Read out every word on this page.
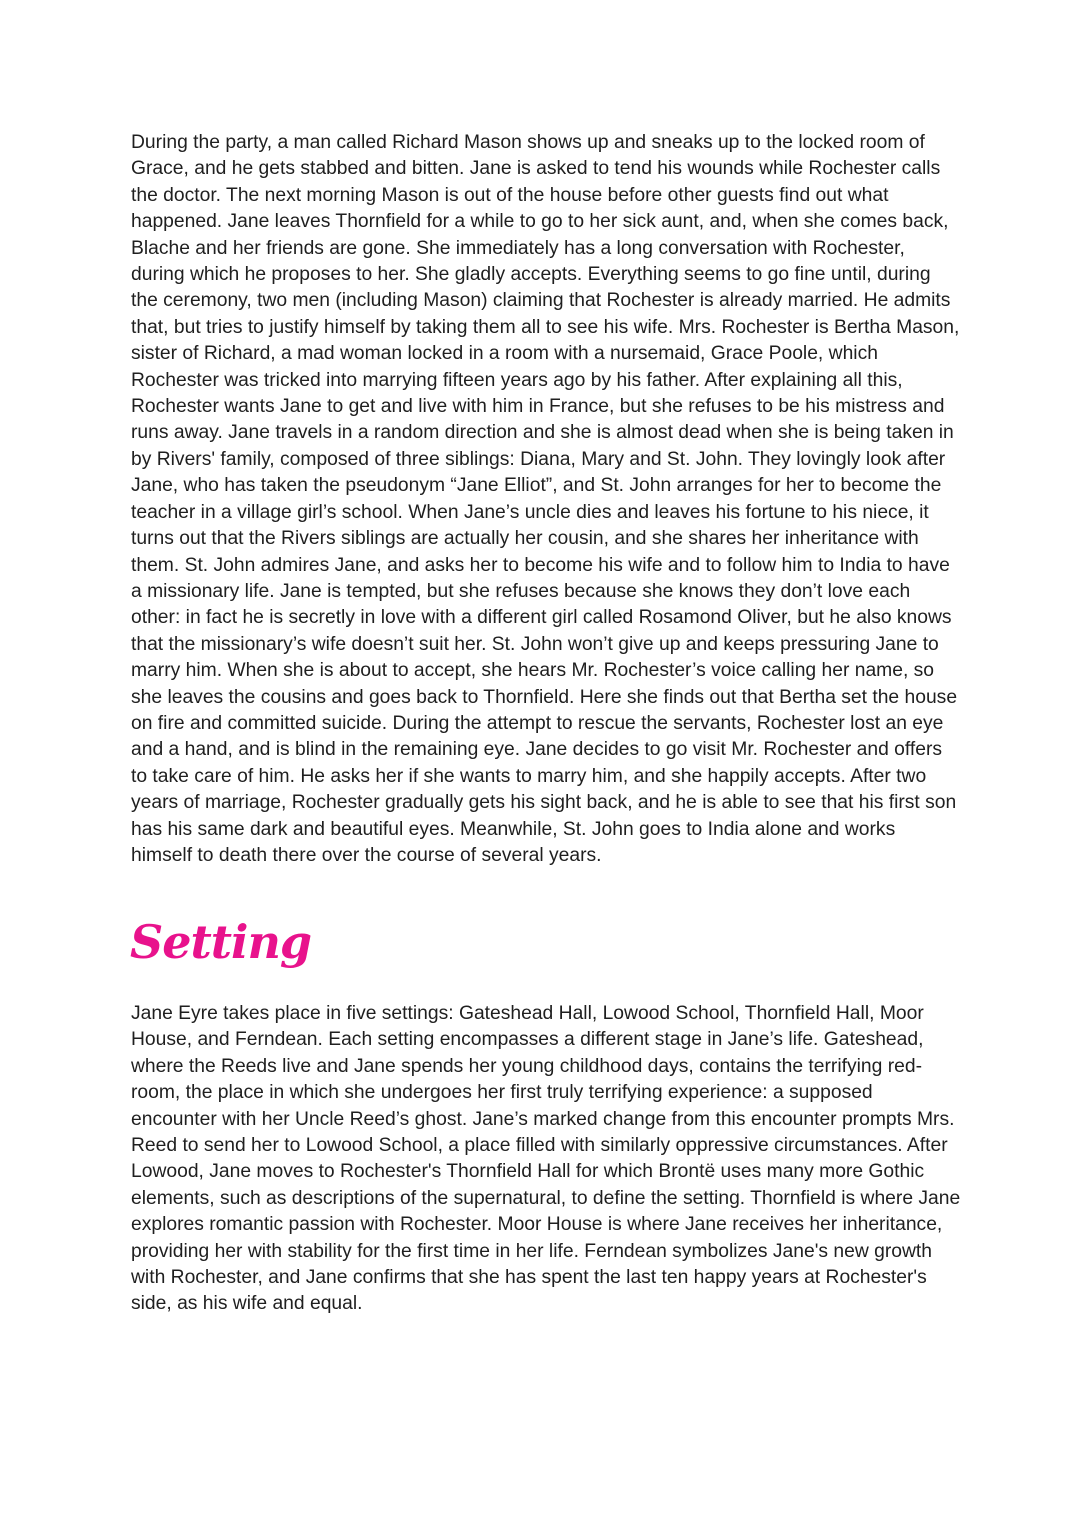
During the party, a man called Richard Mason shows up and sneaks up to the locked room of Grace, and he gets stabbed and bitten. Jane is asked to tend his wounds while Rochester calls the doctor. The next morning Mason is out of the house before other guests find out what happened. Jane leaves Thornfield for a while to go to her sick aunt, and, when she comes back, Blache and her friends are gone. She immediately has a long conversation with Rochester, during which he proposes to her. She gladly accepts. Everything seems to go fine until, during the ceremony, two men (including Mason) claiming that Rochester is already married. He admits that, but tries to justify himself by taking them all to see his wife. Mrs. Rochester is Bertha Mason, sister of Richard, a mad woman locked in a room with a nursemaid, Grace Poole, which Rochester was tricked into marrying fifteen years ago by his father. After explaining all this, Rochester wants Jane to get and live with him in France, but she refuses to be his mistress and runs away. Jane travels in a random direction and she is almost dead when she is being taken in by Rivers' family, composed of three siblings: Diana, Mary and St. John. They lovingly look after Jane, who has taken the pseudonym “Jane Elliot”, and St. John arranges for her to become the teacher in a village girl’s school. When Jane’s uncle dies and leaves his fortune to his niece, it turns out that the Rivers siblings are actually her cousin, and she shares her inheritance with them. St. John admires Jane, and asks her to become his wife and to follow him to India to have a missionary life. Jane is tempted, but she refuses because she knows they don’t love each other: in fact he is secretly in love with a different girl called Rosamond Oliver, but he also knows that the missionary’s wife doesn’t suit her. St. John won’t give up and keeps pressuring Jane to marry him. When she is about to accept, she hears Mr. Rochester’s voice calling her name, so she leaves the cousins and goes back to Thornfield. Here she finds out that Bertha set the house on fire and committed suicide. During the attempt to rescue the servants, Rochester lost an eye and a hand, and is blind in the remaining eye. Jane decides to go visit Mr. Rochester and offers to take care of him. He asks her if she wants to marry him, and she happily accepts. After two years of marriage, Rochester gradually gets his sight back, and he is able to see that his first son has his same dark and beautiful eyes. Meanwhile, St. John goes to India alone and works himself to death there over the course of several years.

Setting

Jane Eyre takes place in five settings: Gateshead Hall, Lowood School, Thornfield Hall, Moor House, and Ferndean. Each setting encompasses a different stage in Jane’s life. Gateshead, where the Reeds live and Jane spends her young childhood days, contains the terrifying red-room, the place in which she undergoes her first truly terrifying experience: a supposed encounter with her Uncle Reed’s ghost. Jane’s marked change from this encounter prompts Mrs. Reed to send her to Lowood School, a place filled with similarly oppressive circumstances. After Lowood, Jane moves to Rochester's Thornfield Hall for which Brontë uses many more Gothic elements, such as descriptions of the supernatural, to define the setting. Thornfield is where Jane explores romantic passion with Rochester. Moor House is where Jane receives her inheritance, providing her with stability for the first time in her life. Ferndean symbolizes Jane's new growth with Rochester, and Jane confirms that she has spent the last ten happy years at Rochester's side, as his wife and equal.
